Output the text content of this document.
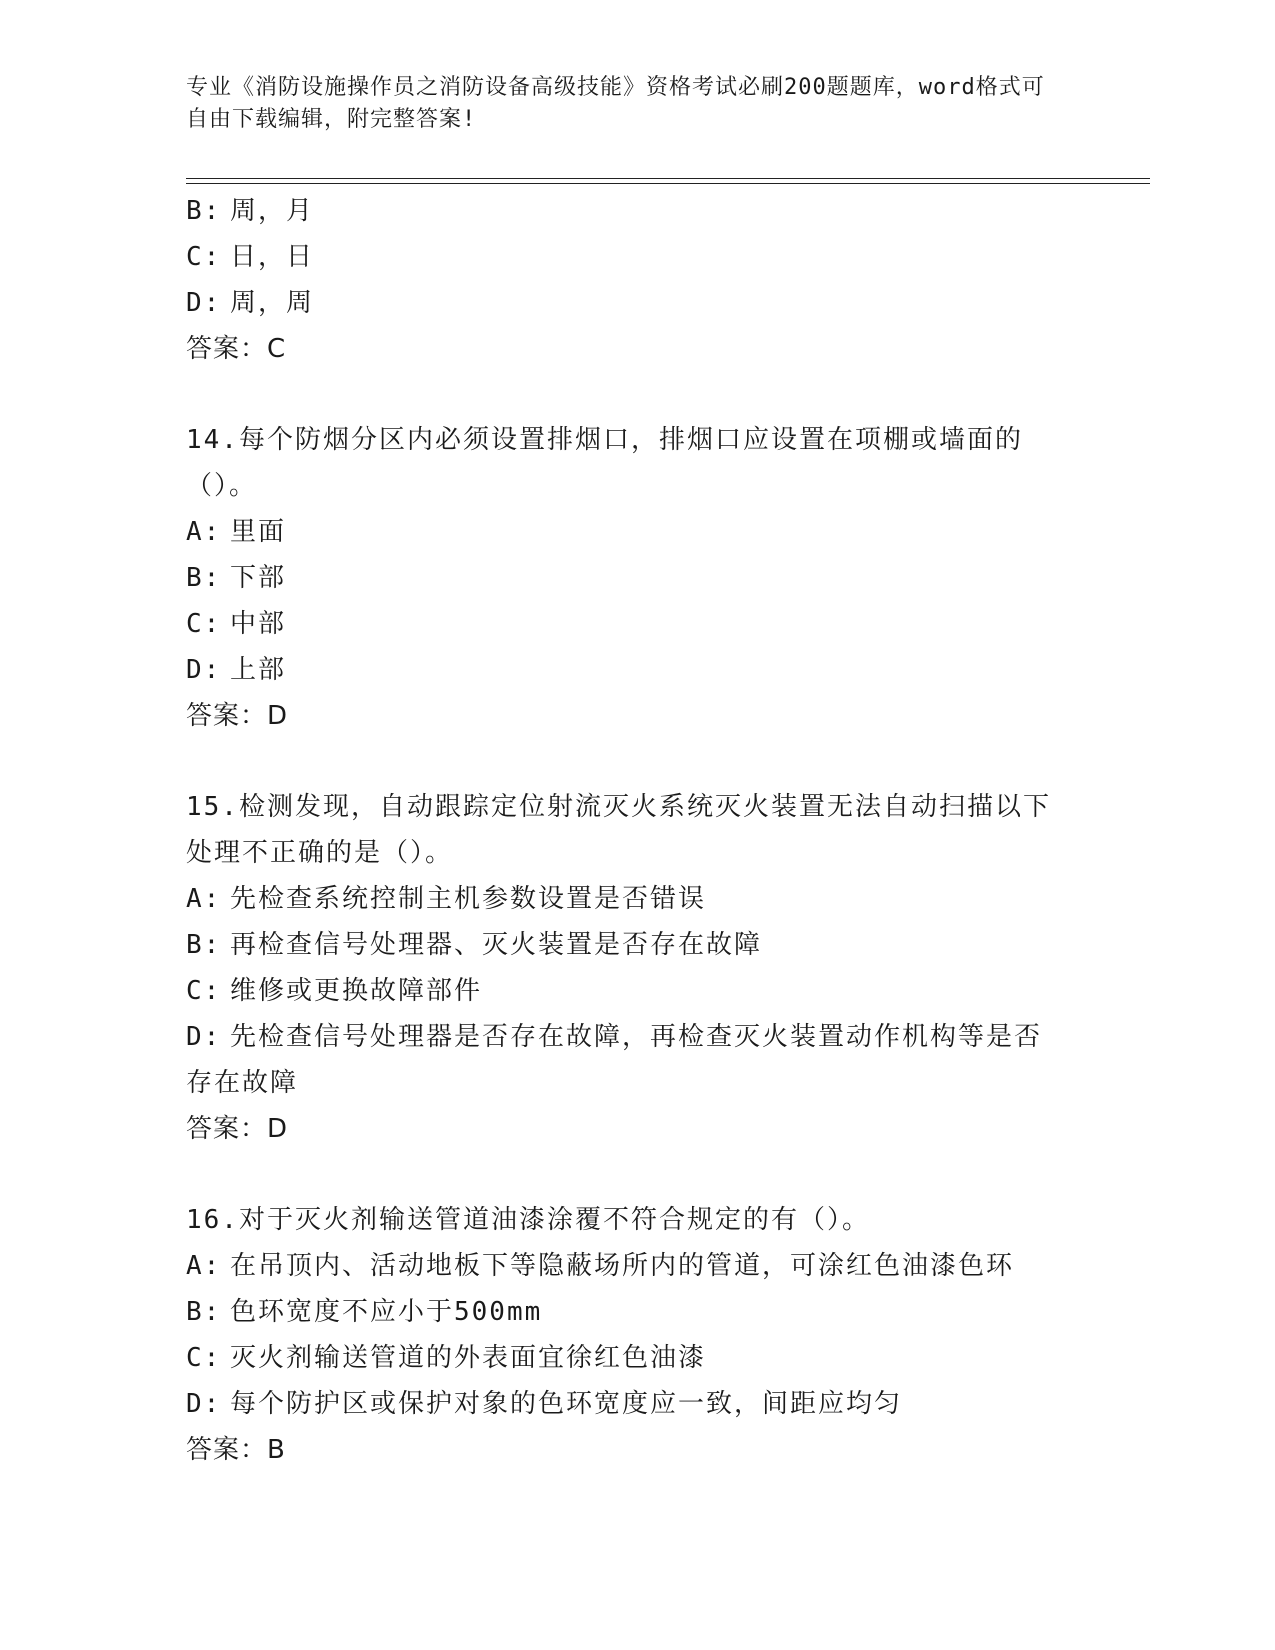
专业《消防设施操作员之消防设备高级技能》资格考试必刷200题题库，word格式可自由下载编辑，附完整答案!
B: 周，月
C: 日，日
D: 周，周
答案：C
14.每个防烟分区内必须设置排烟口，排烟口应设置在项棚或墙面的（）。
A: 里面
B: 下部
C: 中部
D: 上部
答案：D
15.检测发现，自动跟踪定位射流灭火系统灭火装置无法自动扫描以下处理不正确的是（）。
A: 先检查系统控制主机参数设置是否错误
B: 再检查信号处理器、灭火装置是否存在故障
C: 维修或更换故障部件
D: 先检查信号处理器是否存在故障，再检查灭火装置动作机构等是否存在故障
答案：D
16.对于灭火剂输送管道油漆涂覆不符合规定的有（）。
A: 在吊顶内、活动地板下等隐蔽场所内的管道，可涂红色油漆色环
B: 色环宽度不应小于500mm
C: 灭火剂输送管道的外表面宜徐红色油漆
D: 每个防护区或保护对象的色环宽度应一致，间距应均匀
答案：B
